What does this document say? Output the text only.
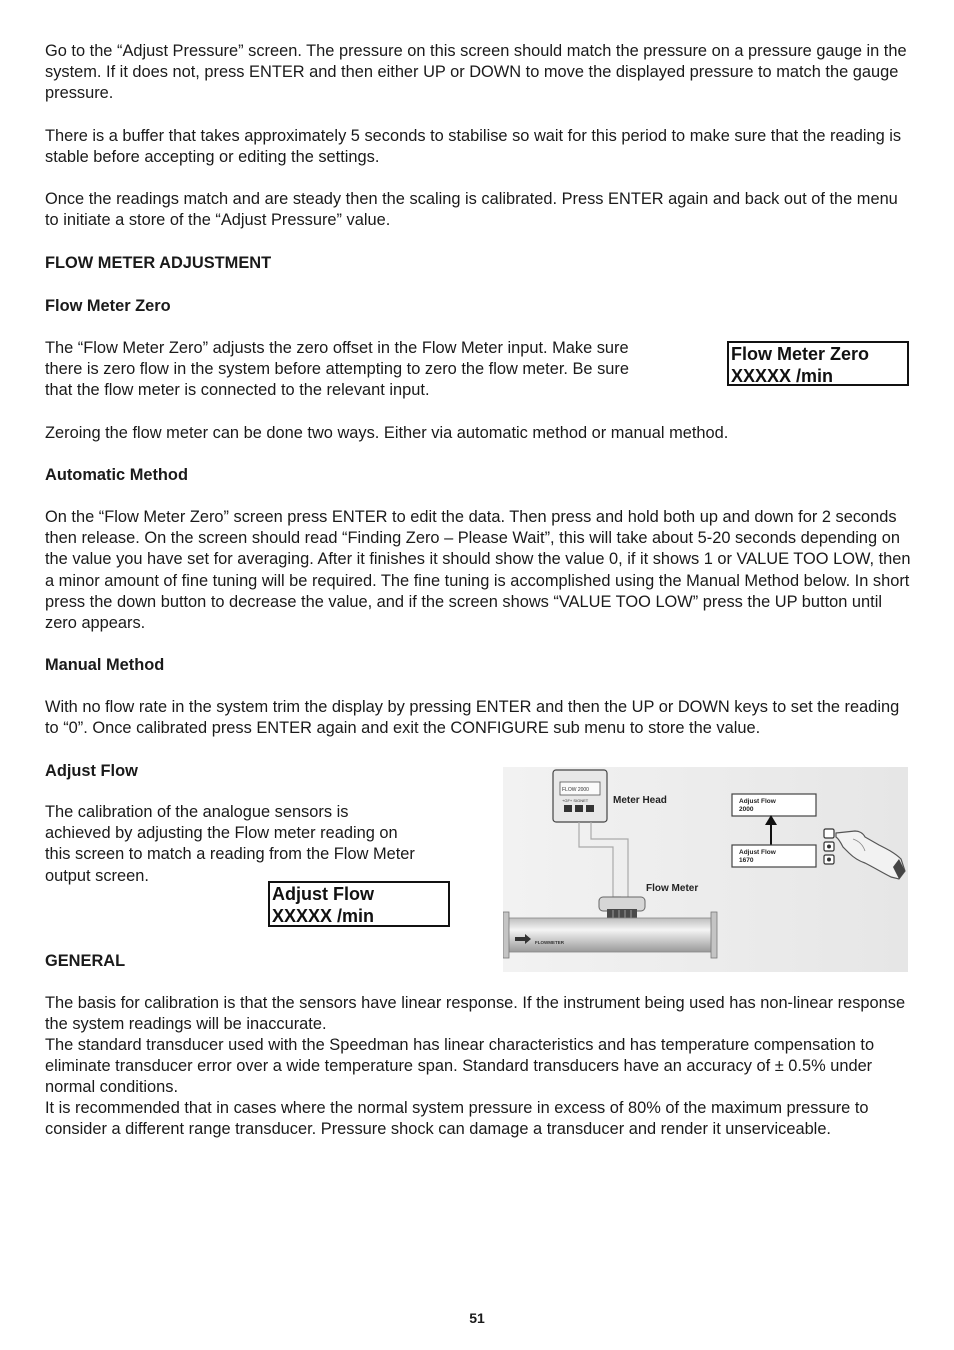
Go to the “Adjust Pressure” screen. The pressure on this screen should match the pressure on a pressure gauge in the system. If it does not, press ENTER and then either UP or DOWN to move the displayed pressure to match the gauge pressure.

There is a buffer that takes approximately 5 seconds to stabilise so wait for this period to make sure that the reading is stable before accepting or editing the settings.

Once the readings match and are steady then the scaling is calibrated. Press ENTER again and back out of the menu to initiate a store of the “Adjust Pressure” value.

FLOW METER ADJUSTMENT
Flow Meter Zero

The “Flow Meter Zero” adjusts the zero offset in the Flow Meter input. Make sure there is zero flow in the system before attempting to zero the flow meter. Be sure that the flow meter is connected to the relevant input.

Flow Meter Zero
XXXXX /min

Zeroing the flow meter can be done two ways. Either via automatic method or manual method.

Automatic Method

On the “Flow Meter Zero” screen press ENTER to edit the data. Then press and hold both up and down for 2 seconds then release. On the screen should read “Finding Zero – Please Wait”, this will take about 5-20 seconds depending on the value you have set for averaging. After it finishes it should show the value 0, if it shows 1 or VALUE TOO LOW, then a minor amount of fine tuning will be required. The fine tuning is accomplished using the Manual Method below. In short press the down button to decrease the value, and if the screen shows “VALUE TOO LOW” press the UP button until zero appears.

Manual Method

With no flow rate in the system trim the display by pressing ENTER and then the UP or DOWN keys to set the reading to “0”. Once calibrated press ENTER again and exit the CONFIGURE sub menu to store the value.

Adjust Flow

The calibration of the analogue sensors is achieved by adjusting the Flow meter reading on this screen to match a reading from the Flow Meter output screen.

Adjust Flow
XXXXX /min
FLOW 2000
+GF+ SIGNET Meter Head
Flow Meter
FLOWMETER
Adjust Flow
2000
Adjust Flow
1670
GENERAL

The basis for calibration is that the sensors have linear response. If the instrument being used has non-linear response the system readings will be inaccurate.

The standard transducer used with the Speedman has linear characteristics and has temperature compensation to eliminate transducer error over a wide temperature span. Standard transducers have an accuracy of ± 0.5% under normal conditions.

It is recommended that in cases where the normal system pressure in excess of 80% of the maximum pressure to consider a different range transducer. Pressure shock can damage a transducer and render it unserviceable.

51
